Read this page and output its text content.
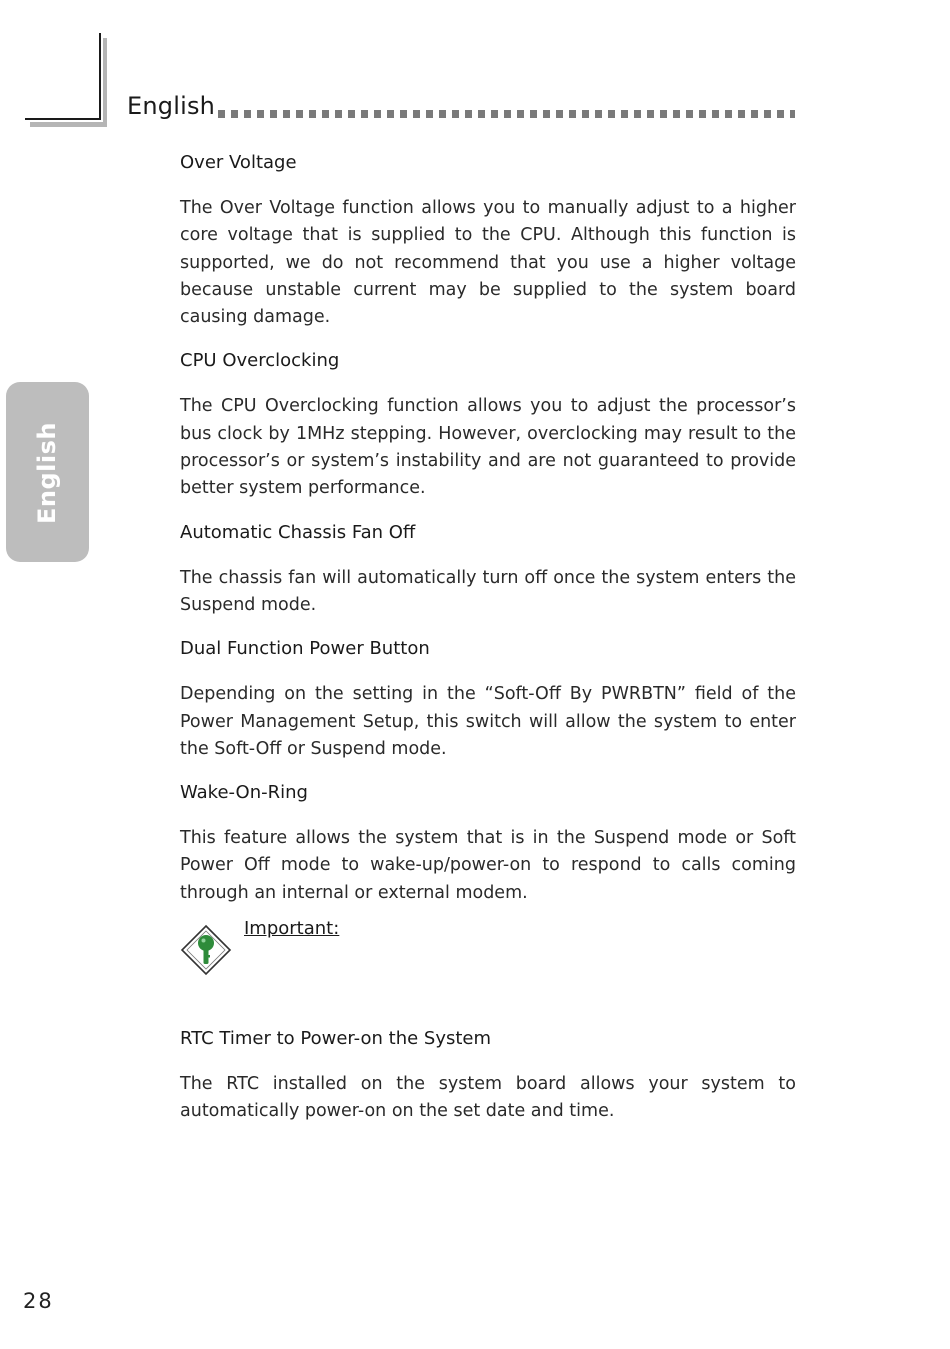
English
English
Over Voltage

The Over Voltage function allows you to manually adjust to a higher core voltage that is supplied to the CPU. Although this function is supported, we do not recommend that you use a higher voltage because unstable current may be supplied to the system board causing damage.

CPU Overclocking

The CPU Overclocking function allows you to adjust the processor’s bus clock by 1MHz stepping. However, overclocking may result to the processor’s or system’s instability and are not guaranteed to provide better system performance.

Automatic Chassis Fan Off

The chassis fan will automatically turn off once the system enters the Suspend mode.

Dual Function Power Button

Depending on the setting in the “Soft-Off By PWRBTN” field of the Power Management Setup, this switch will allow the system to enter the Soft-Off or Suspend mode.

Wake-On-Ring

This feature allows the system that is in the Suspend mode or Soft Power Off mode to wake-up/power-on to respond to calls coming through an internal or external modem.

Important:
RTC Timer to Power-on the System

The RTC installed on the system board allows your system to automatically power-on on the set date and time.

28
